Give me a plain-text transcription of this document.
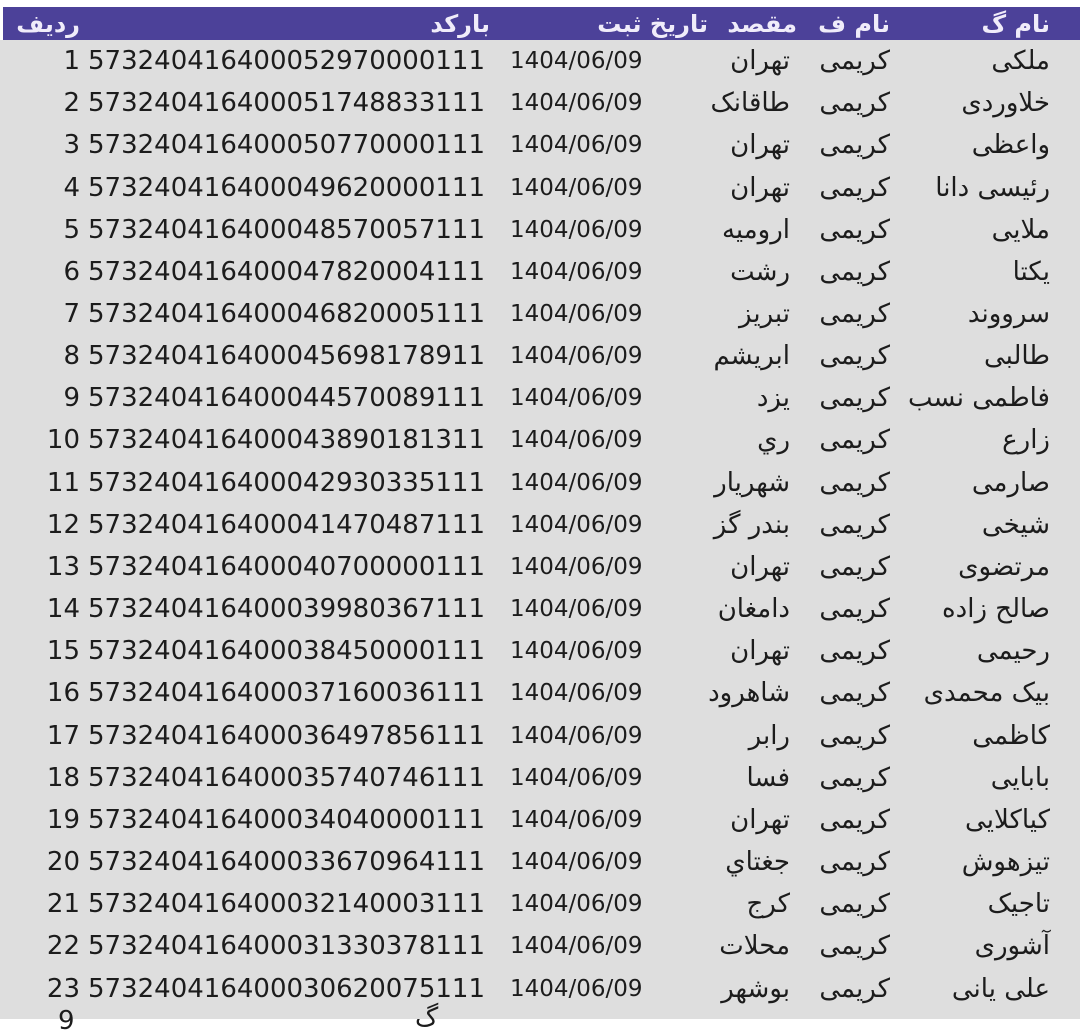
نام گ	نام ف	مقصد	تاریخ ثبت	بارکد	ردیف
ملکی	کریمی	تهران	1404/06/09	573240416400052970000111	1
خلاوردی	کریمی	طاقانک	1404/06/09	573240416400051748833111	2
واعظی	کریمی	تهران	1404/06/09	573240416400050770000111	3
رئیسی دانا	کریمی	تهران	1404/06/09	573240416400049620000111	4
ملایی	کریمی	ارومیه	1404/06/09	573240416400048570057111	5
یکتا	کریمی	رشت	1404/06/09	573240416400047820004111	6
سرووند	کریمی	تبریز	1404/06/09	573240416400046820005111	7
طالبی	کریمی	ابریشم	1404/06/09	573240416400045698178911	8
فاطمی نسب	کریمی	یزد	1404/06/09	573240416400044570089111	9
زارع	کریمی	ري	1404/06/09	573240416400043890181311	10
صارمی	کریمی	شهریار	1404/06/09	573240416400042930335111	11
شیخی	کریمی	بندر گز	1404/06/09	573240416400041470487111	12
مرتضوی	کریمی	تهران	1404/06/09	573240416400040700000111	13
صالح زاده	کریمی	دامغان	1404/06/09	573240416400039980367111	14
رحیمی	کریمی	تهران	1404/06/09	573240416400038450000111	15
بیک محمدی	کریمی	شاهرود	1404/06/09	573240416400037160036111	16
کاظمی	کریمی	رابر	1404/06/09	573240416400036497856111	17
بابایی	کریمی	فسا	1404/06/09	573240416400035740746111	18
کیاکلایی	کریمی	تهران	1404/06/09	573240416400034040000111	19
تیزهوش	کریمی	جغتاي	1404/06/09	573240416400033670964111	20
تاجیک	کریمی	کرج	1404/06/09	573240416400032140003111	21
آشوری	کریمی	محلات	1404/06/09	573240416400031330378111	22
علی یانی	کریمی	بوشهر	1404/06/09	573240416400030620075111	23
9	گ
